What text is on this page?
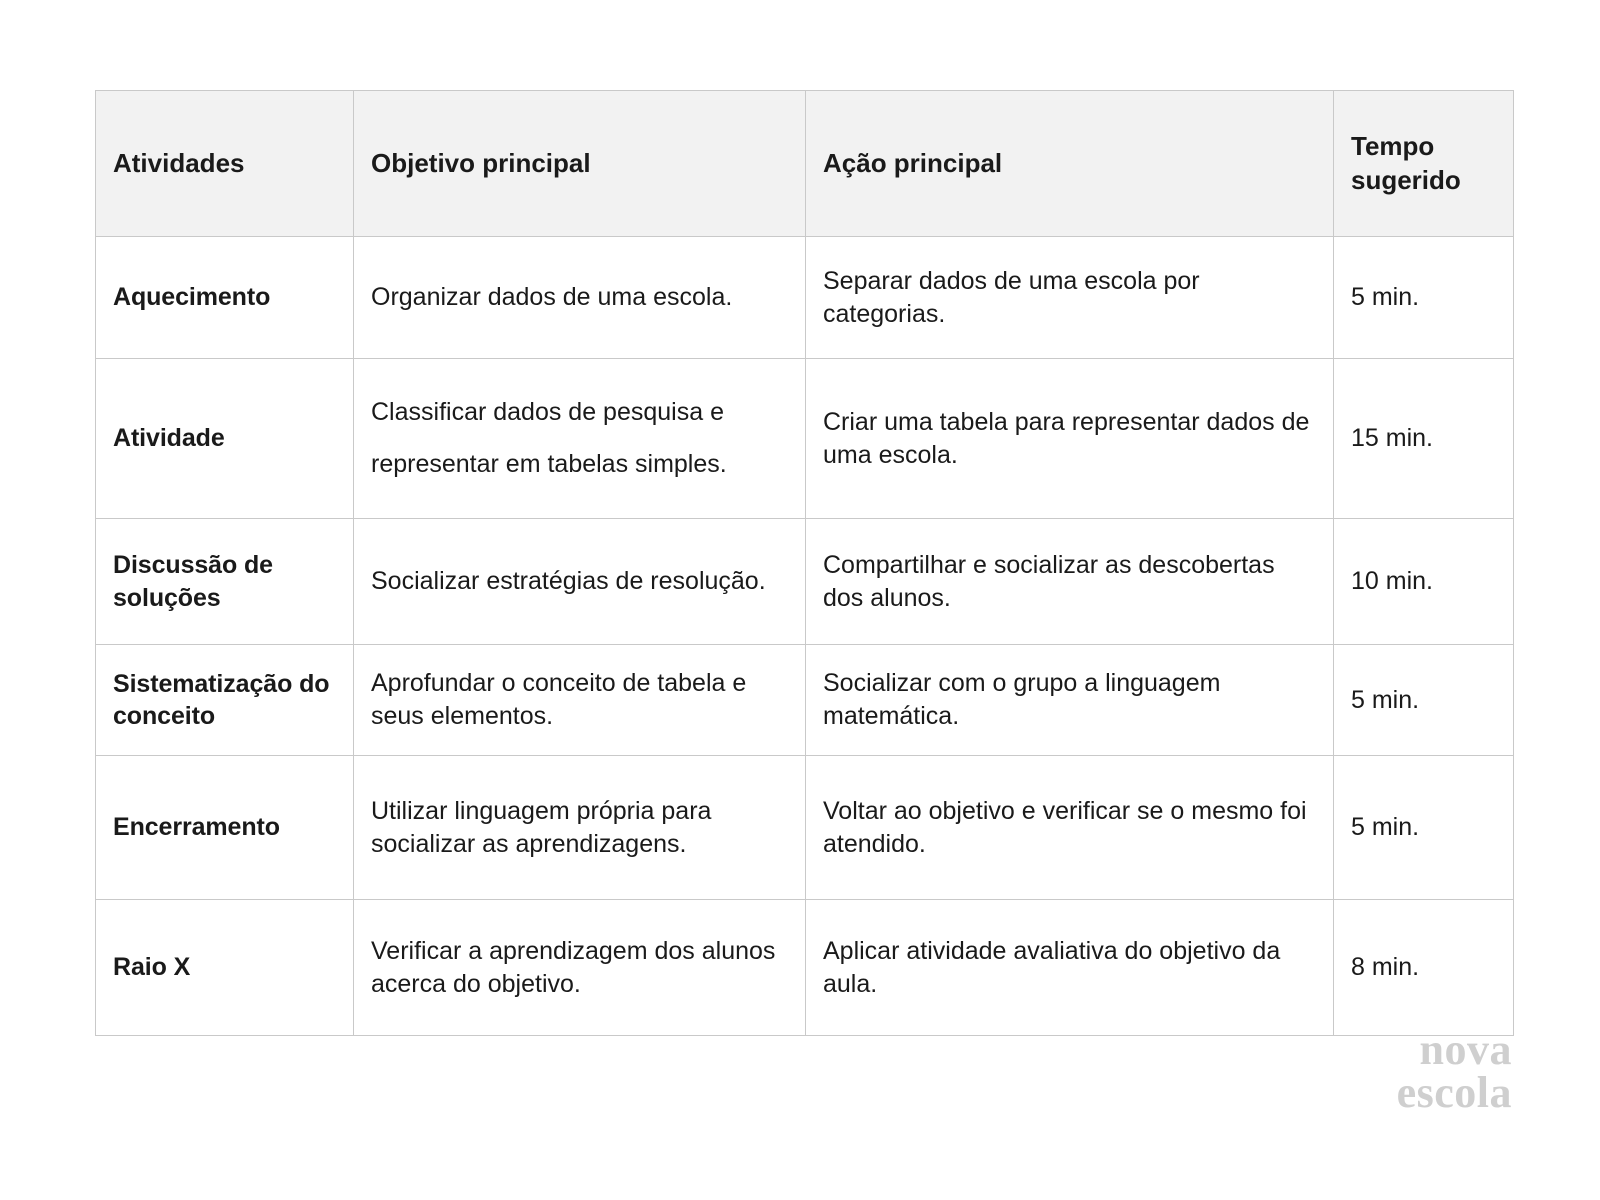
Atividades	Objetivo principal	Ação principal	Tempo sugerido
Aquecimento	Organizar dados de uma escola.	Separar dados de uma escola por categorias.	5 min.
Atividade	Classificar dados de pesquisa e representar em tabelas simples.	Criar uma tabela para representar dados de uma escola.	15 min.
Discussão de soluções	Socializar estratégias de resolução.	Compartilhar e socializar as descobertas dos alunos.	10 min.
Sistematização do conceito	Aprofundar o conceito de tabela e seus elementos.	Socializar com o grupo a linguagem matemática.	5 min.
Encerramento	Utilizar linguagem própria para socializar as aprendizagens.	Voltar ao objetivo e verificar se o mesmo foi atendido.	5 min.
Raio X	Verificar a aprendizagem dos alunos acerca do objetivo.	Aplicar atividade avaliativa do objetivo da aula.	8 min.
nova
escola
